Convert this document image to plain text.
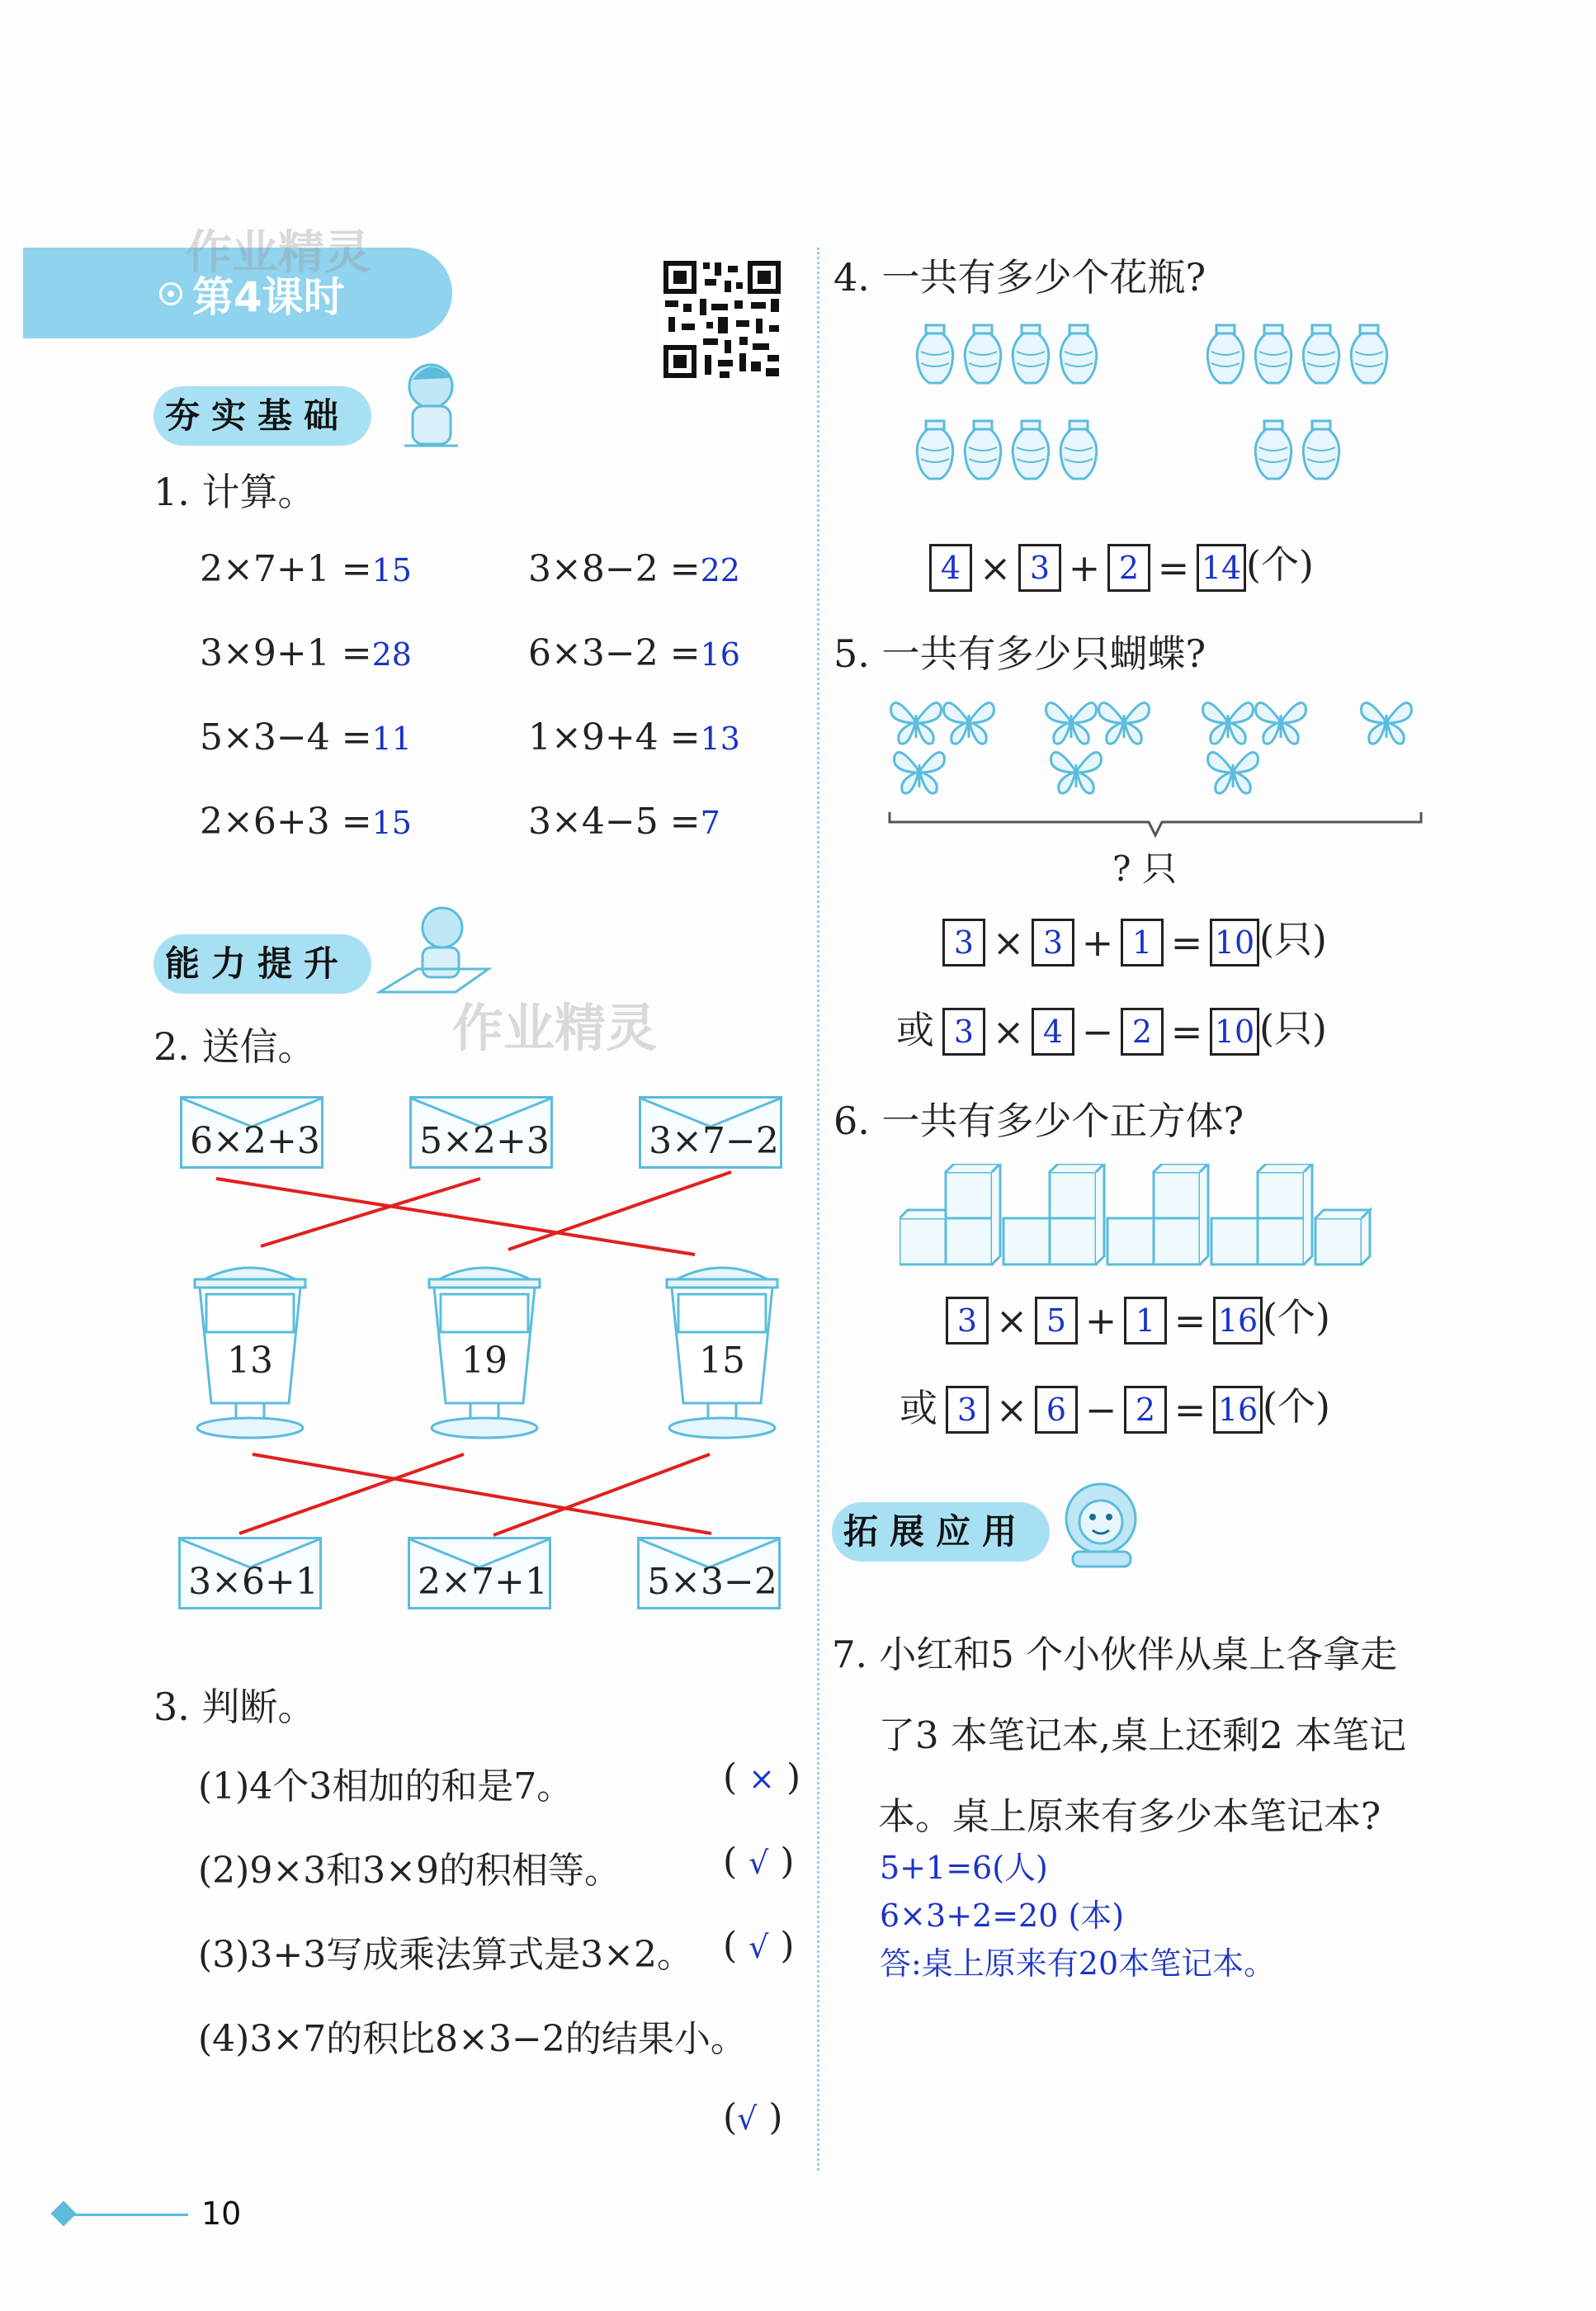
第4课时
作业精灵
夯实基础
1. 计算。
2×7+1 =15	3×8−2 =22
3×9+1 =28	6×3−2 =16
5×3−4 =11	1×9+4 =13
2×6+3 =15	3×4−5 =7
能力提升
作业精灵
2. 送信。
6×2+3	5×2+3	3×7−2
13	19	15
3×6+1	2×7+1	5×3−2
3. 判断。
(1)4个3相加的和是7。	( × )
(2)9×3和3×9的积相等。	( √ )
(3)3+3写成乘法算式是3×2。 ( √ )
(4)3×7的积比8×3−2的结果小。
(√ )
4. 一共有多少个花瓶?
4 × 3 + 2 = 14 (个)
5. 一共有多少只蝴蝶?
? 只
3 × 3 + 1 = 10 (只)
或 3 × 4 − 2 = 10 (只)
6. 一共有多少个正方体?
3 × 5 + 1 = 16 (个)
或 3 × 6 − 2 = 16 (个)
拓展应用
7. 小红和5 个小伙伴从桌上各拿走
了3 本笔记本,桌上还剩2 本笔记
本。桌上原来有多少本笔记本?
5+1=6(人)
6×3+2=20 (本)
答:桌上原来有20本笔记本。
10
